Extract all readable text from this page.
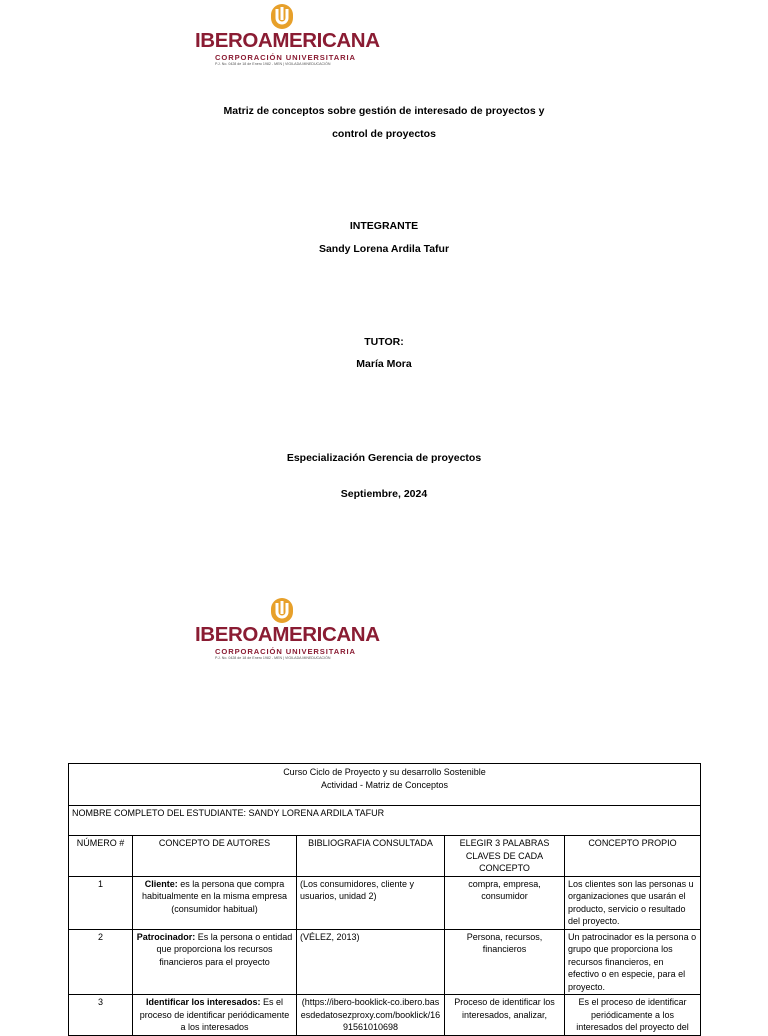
IBEROAMERICANA
CORPORACIÓN UNIVERSITARIA
P.J. No. 0428 de 18 de Enero 1982 - MEN | VIGILADA MINEDUCACIÓN
Matriz de conceptos sobre gestión de interesado de proyectos y
control de proyectos
INTEGRANTE
Sandy Lorena Ardila Tafur
TUTOR:
María Mora
Especialización Gerencia de proyectos
Septiembre, 2024
IBEROAMERICANA
CORPORACIÓN UNIVERSITARIA
P.J. No. 0428 de 18 de Enero 1982 - MEN | VIGILADA MINEDUCACIÓN
Curso Ciclo de Proyecto y su desarrollo Sostenible
Actividad - Matriz de Conceptos				

NOMBRE COMPLETO DEL ESTUDIANTE: SANDY LORENA ARDILA TAFUR				
NÚMERO #	CONCEPTO DE AUTORES	BIBLIOGRAFIA CONSULTADA	ELEGIR 3 PALABRAS CLAVES DE CADA CONCEPTO	CONCEPTO PROPIO
1	Cliente: es la persona que compra habitualmente en la misma empresa (consumidor habitual)	(Los consumidores, cliente y usuarios, unidad 2)	compra, empresa, consumidor	Los clientes son las personas u organizaciones que usarán el producto, servicio o resultado del proyecto.
2	Patrocinador: Es la persona o entidad que proporciona los recursos financieros para el proyecto	(VÉLEZ, 2013)	Persona, recursos, financieros	Un patrocinador es la persona o grupo que proporciona los recursos financieros, en efectivo o en especie, para el proyecto.
3	Identificar los interesados: Es el proceso de identificar periódicamente a los interesados	(https://ibero-booklick-co.ibero.basesdedatosezproxy.com/booklick/1691561010698	Proceso de identificar los interesados, analizar,	Es el proceso de identificar periódicamente a los interesados del proyecto del
